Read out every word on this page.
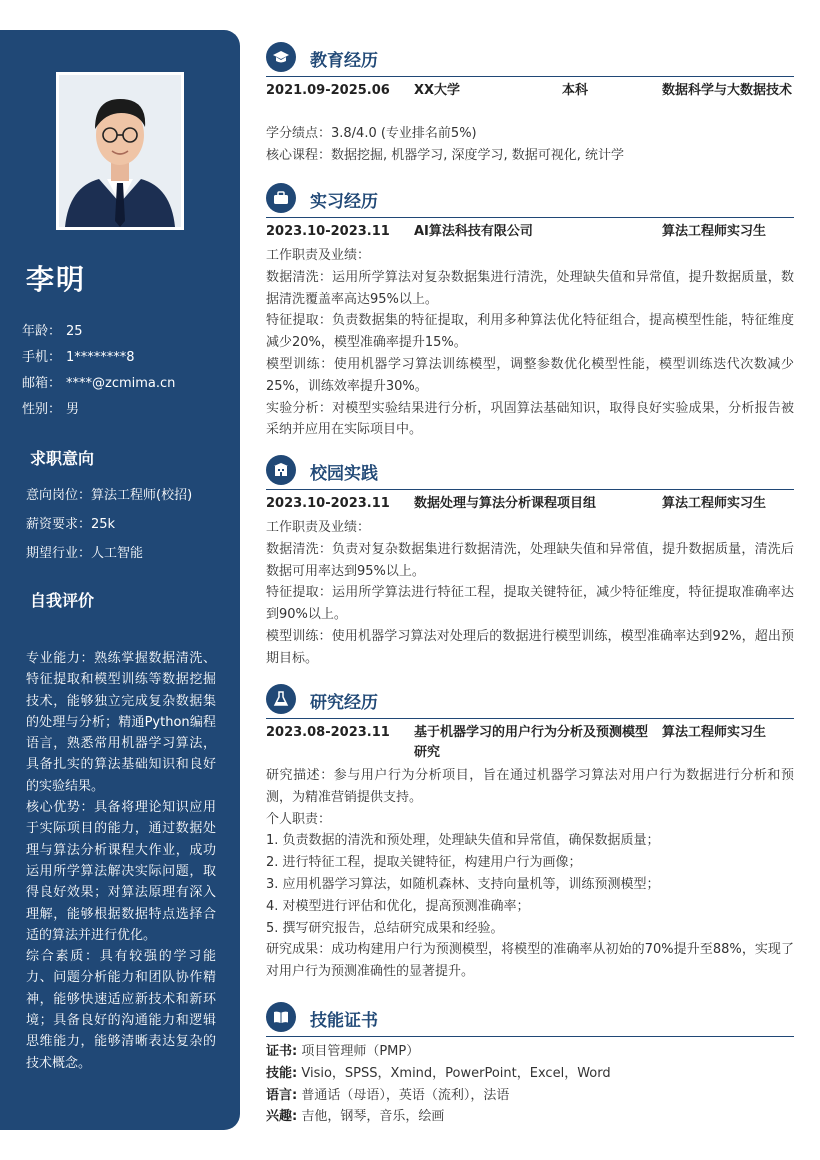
李明
年龄： 25
手机： 1********8
邮箱： ****@zcmima.cn
性别： 男
求职意向
意向岗位：算法工程师(校招)
薪资要求：25k
期望行业：人工智能
自我评价

专业能力：熟练掌握数据清洗、特征提取和模型训练等数据挖掘技术，能够独立完成复杂数据集的处理与分析；精通Python编程语言，熟悉常用机器学习算法，具备扎实的算法基础知识和良好的实验结果。

核心优势：具备将理论知识应用于实际项目的能力，通过数据处理与算法分析课程大作业，成功运用所学算法解决实际问题，取得良好效果；对算法原理有深入理解，能够根据数据特点选择合适的算法并进行优化。

综合素质：具有较强的学习能力、问题分析能力和团队协作精神，能够快速适应新技术和新环境；具备良好的沟通能力和逻辑思维能力，能够清晰表达复杂的技术概念。

教育经历
2021.09-2025.06 XX大学	本科	数据科学与大数据技术

学分绩点：3.8/4.0 (专业排名前5%)

核心课程：数据挖掘, 机器学习, 深度学习, 数据可视化, 统计学

实习经历
2023.10-2023.11 AI算法科技有限公司	算法工程师实习生

工作职责及业绩：

数据清洗：运用所学算法对复杂数据集进行清洗，处理缺失值和异常值，提升数据质量，数据清洗覆盖率高达95%以上。

特征提取：负责数据集的特征提取，利用多种算法优化特征组合，提高模型性能，特征维度减少20%，模型准确率提升15%。

模型训练：使用机器学习算法训练模型，调整参数优化模型性能，模型训练迭代次数减少25%，训练效率提升30%。

实验分析：对模型实验结果进行分析，巩固算法基础知识，取得良好实验成果，分析报告被采纳并应用在实际项目中。

校园实践
2023.10-2023.11 数据处理与算法分析课程项目组	算法工程师实习生

工作职责及业绩：

数据清洗：负责对复杂数据集进行数据清洗，处理缺失值和异常值，提升数据质量，清洗后数据可用率达到95%以上。

特征提取：运用所学算法进行特征工程，提取关键特征，减少特征维度，特征提取准确率达到90%以上。

模型训练：使用机器学习算法对处理后的数据进行模型训练，模型准确率达到92%，超出预期目标。

研究经历
2023.08-2023.11 基于机器学习的用户行为分析及预测模型研究
算法工程师实习生

研究描述：参与用户行为分析项目，旨在通过机器学习算法对用户行为数据进行分析和预测，为精准营销提供支持。

个人职责：

1. 负责数据的清洗和预处理，处理缺失值和异常值，确保数据质量；

2. 进行特征工程，提取关键特征，构建用户行为画像；

3. 应用机器学习算法，如随机森林、支持向量机等，训练预测模型；

4. 对模型进行评估和优化，提高预测准确率；

5. 撰写研究报告，总结研究成果和经验。

研究成果：成功构建用户行为预测模型，将模型的准确率从初始的70%提升至88%，实现了对用户行为预测准确性的显著提升。

技能证书

证书: 项目管理师（PMP）

技能: Visio，SPSS，Xmind，PowerPoint，Excel，Word

语言: 普通话（母语），英语（流利），法语

兴趣: 吉他，钢琴，音乐，绘画
